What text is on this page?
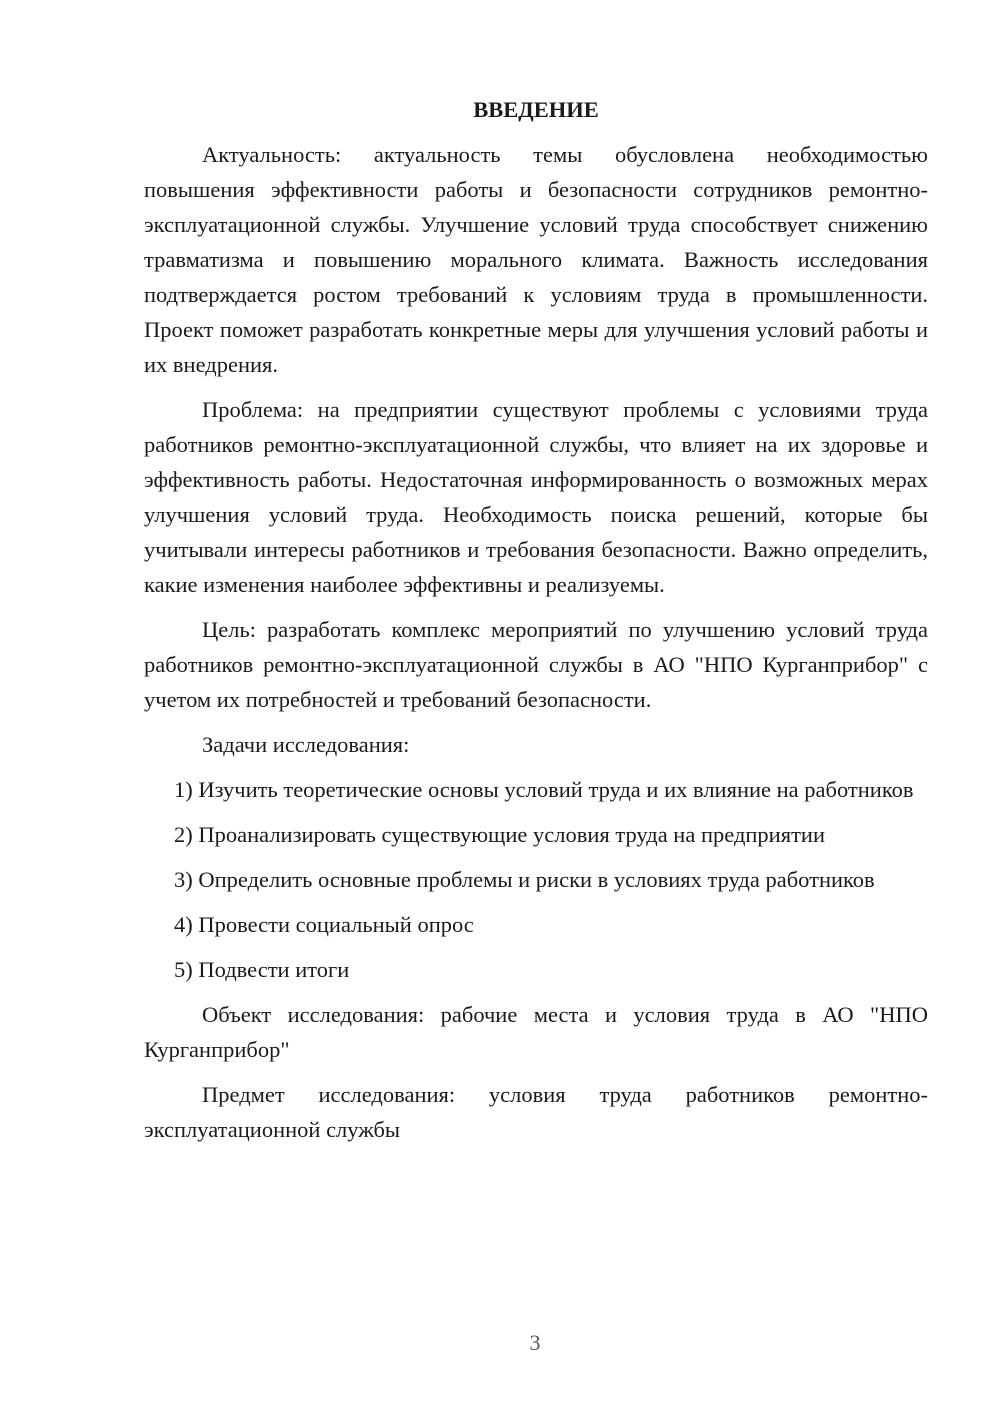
ВВЕДЕНИЕ

Актуальность: актуальность темы обусловлена необходимостью повышения эффективности работы и безопасности сотрудников ремонтно-эксплуатационной службы. Улучшение условий труда способствует снижению травматизма и повышению морального климата. Важность исследования подтверждается ростом требований к условиям труда в промышленности. Проект поможет разработать конкретные меры для улучшения условий работы и их внедрения.

Проблема: на предприятии существуют проблемы с условиями труда работников ремонтно-эксплуатационной службы, что влияет на их здоровье и эффективность работы. Недостаточная информированность о возможных мерах улучшения условий труда. Необходимость поиска решений, которые бы учитывали интересы работников и требования безопасности. Важно определить, какие изменения наиболее эффективны и реализуемы.

Цель: разработать комплекс мероприятий по улучшению условий труда работников ремонтно-эксплуатационной службы в АО "НПО Курганприбор" с учетом их потребностей и требований безопасности.

Задачи исследования:

1) Изучить теоретические основы условий труда и их влияние на работников

2) Проанализировать существующие условия труда на предприятии

3) Определить основные проблемы и риски в условиях труда работников

4) Провести социальный опрос

5) Подвести итоги

Объект исследования: рабочие места и условия труда в АО "НПО Курганприбор"

Предмет исследования: условия труда работников ремонтно-эксплуатационной службы

3
